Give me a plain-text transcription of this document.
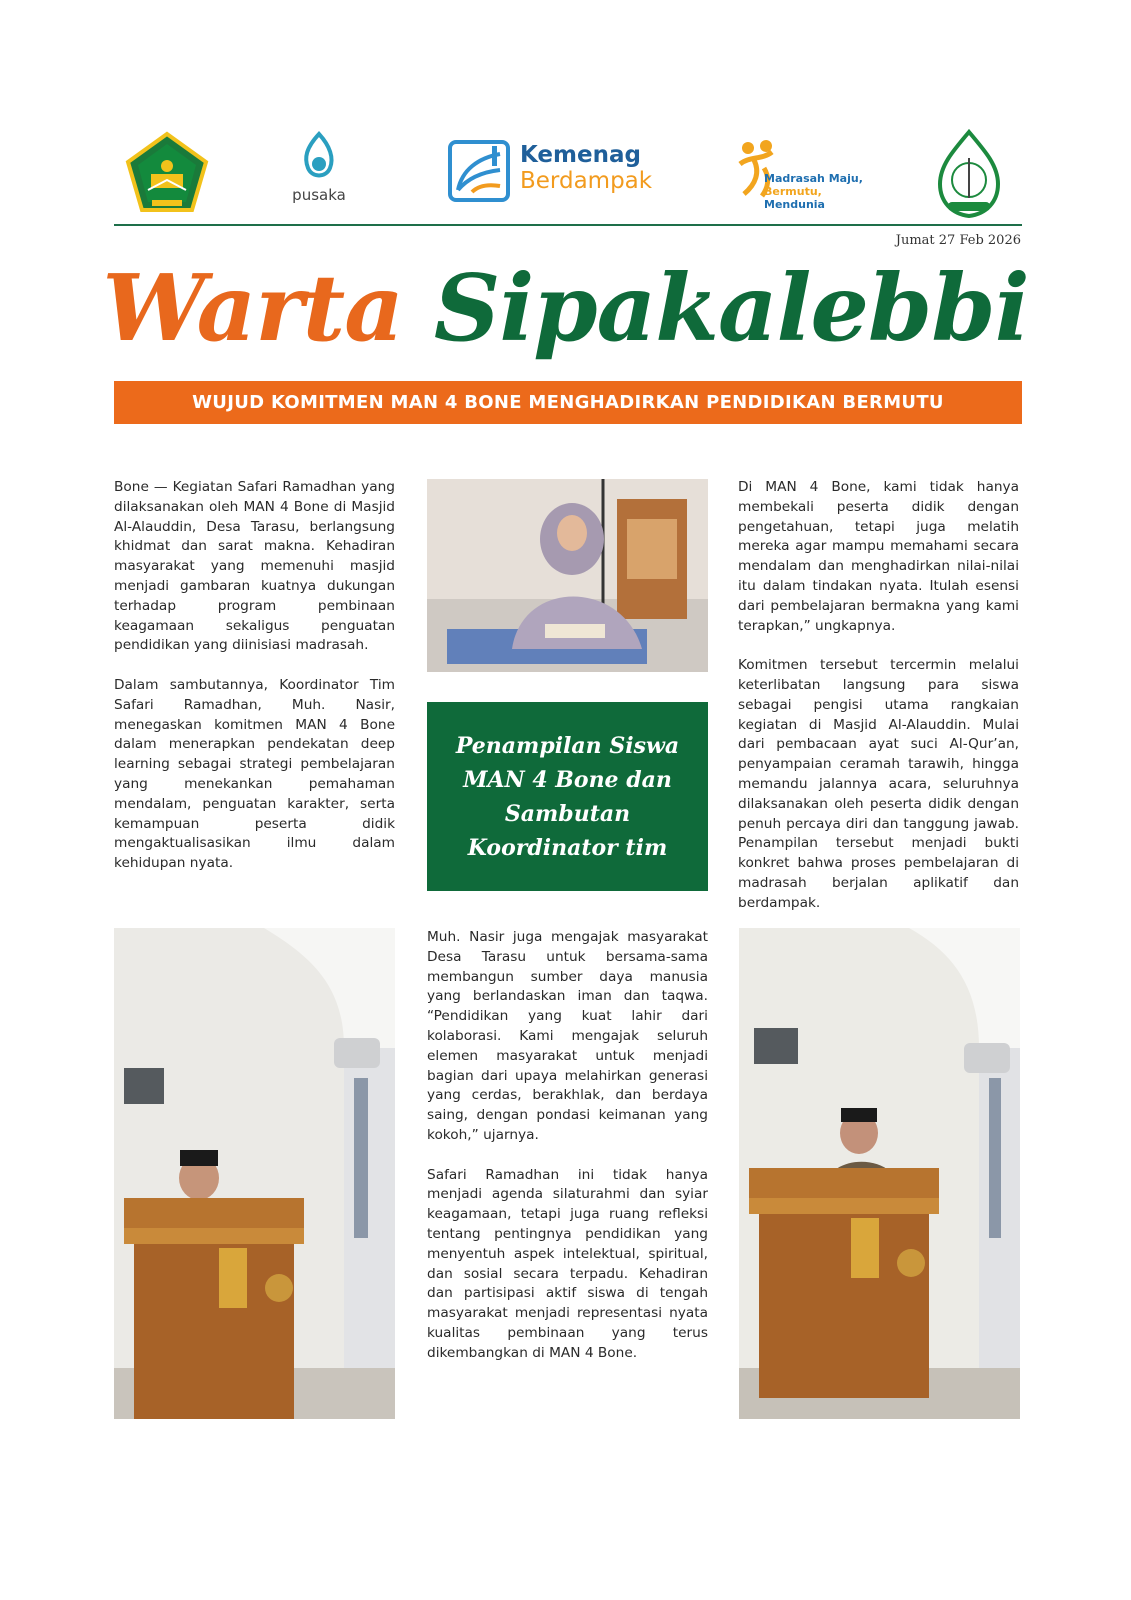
pusaka
Kemenag
Berdampak	Madrasah Maju,
Bermutu,
Mendunia
Jumat 27 Feb 2026
Warta Sipakalebbi
WUJUD KOMITMEN MAN 4 BONE MENGHADIRKAN PENDIDIKAN BERMUTU

Bone — Kegiatan Safari Ramadhan yang dilaksanakan oleh MAN 4 Bone di Masjid Al-Alauddin, Desa Tarasu, berlangsung khidmat dan sarat makna. Kehadiran masyarakat yang memenuhi masjid menjadi gambaran kuatnya dukungan terhadap program pembinaan keagamaan sekaligus penguatan pendidikan yang diinisiasi madrasah.

Dalam sambutannya, Koordinator Tim Safari Ramadhan, Muh. Nasir, menegaskan komitmen MAN 4 Bone dalam menerapkan pendekatan deep learning sebagai strategi pembelajaran yang menekankan pemahaman mendalam, penguatan karakter, serta kemampuan peserta didik mengaktualisasikan ilmu dalam kehidupan nyata.

Penampilan Siswa MAN 4 Bone dan Sambutan Koordinator tim

Di MAN 4 Bone, kami tidak hanya membekali peserta didik dengan pengetahuan, tetapi juga melatih mereka agar mampu memahami secara mendalam dan menghadirkan nilai-nilai itu dalam tindakan nyata. Itulah esensi dari pembelajaran bermakna yang kami terapkan,” ungkapnya.

Komitmen tersebut tercermin melalui keterlibatan langsung para siswa sebagai pengisi utama rangkaian kegiatan di Masjid Al-Alauddin. Mulai dari pembacaan ayat suci Al-Qur’an, penyampaian ceramah tarawih, hingga memandu jalannya acara, seluruhnya dilaksanakan oleh peserta didik dengan penuh percaya diri dan tanggung jawab. Penampilan tersebut menjadi bukti konkret bahwa proses pembelajaran di madrasah berjalan aplikatif dan berdampak.

Muh. Nasir juga mengajak masyarakat Desa Tarasu untuk bersama-sama membangun sumber daya manusia yang berlandaskan iman dan taqwa. “Pendidikan yang kuat lahir dari kolaborasi. Kami mengajak seluruh elemen masyarakat untuk menjadi bagian dari upaya melahirkan generasi yang cerdas, berakhlak, dan berdaya saing, dengan pondasi keimanan yang kokoh,” ujarnya.

Safari Ramadhan ini tidak hanya menjadi agenda silaturahmi dan syiar keagamaan, tetapi juga ruang refleksi tentang pentingnya pendidikan yang menyentuh aspek intelektual, spiritual, dan sosial secara terpadu. Kehadiran dan partisipasi aktif siswa di tengah masyarakat menjadi representasi nyata kualitas pembinaan yang terus dikembangkan di MAN 4 Bone.
